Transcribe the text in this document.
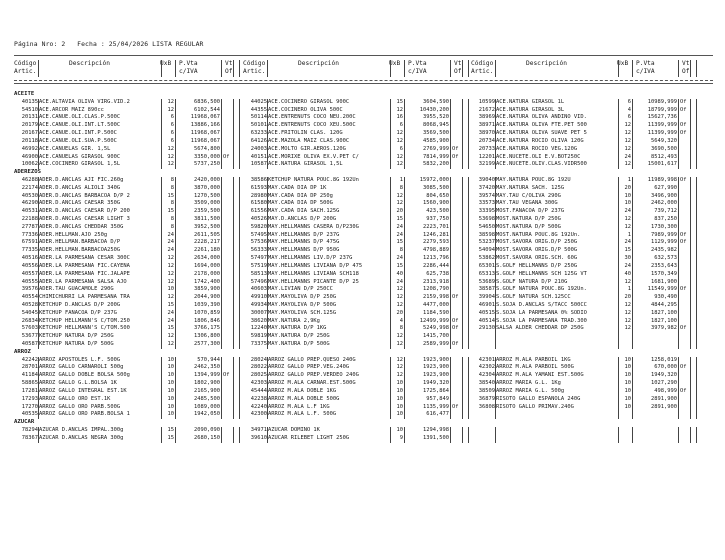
Página Nro: 2   Fecha : 25/04/2026 LISTA REGULAR
Código
Artic.
Descripción	UxB P.Vta
c/IVA
Vt
Of
Código
Artic.
Descripción	UxB P.Vta
c/IVA
Vt
Of
Código
Artic.
Descripción	UxB P.Vta
c/IVA
Vt
Of
ACEITE
40135 ACE.ALTAVIA OLIVA VIRG.VID.2	12	6836,500	44025 ACE.COCINERO GIRASOL 900C	15	3604,590	10599 ACE.NATURA GIRASOL 1L	6	10989,999 Of
54510 ACE.ARCOR MAIZ 890cc	12	6102,544	44355 ACE.COCINERO OLIVA 500C	12	10430,200	21672 ACE.NATURA GIRASOL 3L	4	18799,999 Of
20131 ACE.CAÑUE.OLI.CLAS.P.500C	6	11968,067	50114 ACE.ENTRENUTS COCO NEU.200C	16	3955,520	38969 ACE.NATURA OLIVA ANDINO VID.	6	15627,736
20179 ACE.CAÑUE.OLI.INT.LT.500C	6	13886,166	50101 ACE.ENTRENUTS COCO XEU.500C	6	8068,945	38971 ACE.NATURA OLIVA FTE.PET 500	12	11399,999 Of
20167 ACE.CAÑUE.OLI.INT.P.500C	6	11968,067	63233 ACE.FRITOLIN CLAS. 120G	12	3569,500	38970 ACE.NATURA OLIVA SUAVE PET 5	12	11399,999 Of
20118 ACE.CAÑUE.OLI.SUA.P.500C	6	11968,067	64126 ACE.MAZOLA MAIZ CLAS.900C	12	4585,900	20734 ACE.NATURA ROCIO OLIVA 120G	12	5649,320
46992 ACE.CAÑUELAS GIR. 1,5L	12	5674,800	24003 ACE.MOLTO GIR.AEROS.120G	6	2769,999 Of	20733 ACE.NATURA ROCIO VEG.120G	12	3690,500
46900 ACE.CAÑUELAS GIRASOL 900C	12	3350,000 Of	40151 ACE.MORIXE OLIVA EX.V.PET C/	12	7814,999 Of	12201 ACE.NUCETE.OLI E.V.BOT250C	24	8512,493
10062 ACE.COCINERO GIRASOL 1,5L	12	5737,250	10587 ACE.NATURA GIRASOL 1,5L	12	5832,200	32199 ACE.NUCETE.OLIV.CLAS.VIDR500	12	15001,617
ADEREZOS
46288 ADER.D.ANCLAS AJI FIC.260g	8	2420,000	38586 KETCHUP NATURA POUC.8G 192Un	1	15972,000	39040 MAY.NATURA POUC.8G 192U	1	11989,998 Of
22174 ADER.D.ANCLAS ALIOLI 340G	8	3870,000	61593 MAY.CADA DIA DP 1K	8	3085,500	37420 MAY.NATURA SACH. 125G	20	627,990
40530 ADER.D.ANCLAS BARBACOA D/P 2	15	1270,500	28980 MAY.CADA DIA DP 250g	12	804,650	39574 MAY.TAU C/OLIVA 290G	10	3496,900
46290 ADER.D.ANCLAS CAESAR 350G	8	3509,000	61580 MAY.CADA DIA DP 500G	12	1560,900	33573 MAY.TAU VEGANA 300G	10	2462,000
40531 ADER.D.ANCLAS CAESAR D/P 200	15	2359,500	61556 MAY.CADA DIA SACH.125G	20	423,500	33395 MOST.FANACOA D/P 237G	24	739,712
22188 ADER.D.ANCLAS CAESAR LIGHT 3	8	3811,500	40526 MAY.D.ANCLAS D/P 200G	15	937,750	53698 MOST.NATURA D/P 250G	12	837,250
27787 ADER.D.ANCLAS CHEDDAR 350G	8	3952,500	59820 MAY.HELLMANNS CASERA D/P230G	24	2223,701	54650 MOST.NATURA D/P 500G	12	1730,300
77336 ADER.HELLMAN.AJO 250g	24	2611,505	57495 MAY.HELLMANNS D/P 237G	24	1246,281	38598 MOST.NATURA POUC.8G 192Un.	1	7989,999 Of
67591 ADER.HELLMAN.BARBACOA D/P	24	2228,217	57536 MAY.HELLMANNS D/P 475G	15	2279,593	53237 MOST.SAVORA ORIG.D/P 250G	24	1129,999 Of
77335 ADER.HELLMAN.BARBACOA250G	24	2261,180	56333 MAY.HELLMANNS D/P 950G	8	4798,889	54094 MOST.SAVORA ORIG.D/P 500G	15	2435,982
40516 ADER.LA PARMESANA CESAR 300C	12	2634,000	57497 MAY.HELLMANNS LIV.D/P 237G	24	1213,796	53862 MOST.SAVORA ORIG.SCH. 60G	30	632,573
40556 ADER.LA PARMESANA FIC.CAYENA	12	1694,000	57519 MAY.HELLMANNS LIVIANA D/P 475	15	2286,444	65301 S.GOLF HELLMANNS D/P 250G	24	2353,643
40557 ADER.LA PARMESANA FIC.JALAPE	12	2178,000	58513 MAY.HELLMANNS LIVIANA SCH118	40	625,738	65313 S.GOLF HELLMANNS SCH 125G VT	40	1570,349
40555 ADER.LA PARMESANA SALSA AJO	12	1742,400	57496 MAY.HELLMANNS PICANTE D/P 25	24	2313,918	53689 S.GOLF NATURA D/P 210G	12	1681,900
39576 ADER.TAU GUACAMOLE 290G	10	3859,900	40603 MAY.LIVIAN D/P 250CC	12	1208,790	38587 S.GOLF NATURA POUC.8G 192Un.	1	11549,999 Of
40554 CHIMICHURRI LA PARMESANA TRA	12	2044,900	49910 MAY.MAYOLIVA D/P 250G	12	2159,998 Of	39904 S.GOLF NATURA SCH.125CC	20	930,490
40528 KETCHUP D.ANCLAS D/P 200G	15	1039,390	49934 MAY.MAYOLIVA D/P 500G	12	4477,000	46901 S.SOJA D.ANCLAS S/TACC 500CC	12	4844,295
54045 KETCHUP FANACOA D/P 237G	24	1070,859	30007 MAY.MAYOLIVA SCH.125G	20	1184,590	40515 S.SOJA LA PARMESANA 0% SODIO	12	1827,100
26834 KETCHUP HELLMANN'S C/TOM.250	24	1806,846	38620 MAY.NATURA 2,9Kg	4	12499,999 Of	40514 S.SOJA LA PARMESANA TRAD.300	12	1827,100
57603 KETCHUP HELLMANN'S C/TOM.500	15	3766,175	12240 MAY.NATURA D/P 1KG	8	5249,998 Of	29130 SALSA ALDER CHEDDAR DP 250G	12	3979,982 Of
53677 KETCHUP NATURA D/P 250G	12	1306,800	59819 MAY.NATURA D/P 250G	12	1415,700
40587 KETCHUP NATURA D/P 500G	12	2577,300	73375 MAY.NATURA D/P 500G	12	2589,999 Of
ARROZ
42242 ARROZ APOSTOLES L.F. 500G	10	570,944	28024 ARROZ GALLO PREP.QUESO 240G	12	1923,900	42301 ARROZ M.ALA PARBOIL 1KG	10	1258,019
28701 ARROZ GALLO CARNAROLI 500g	10	2462,350	28022 ARROZ GALLO PREP.VEG.240G	12	1923,900	42302 ARROZ M.ALA PARBOIL 500G	10	670,000 Of
41184 ARROZ GALLO DOBLE BOLSA 500g	10	1394,999 Of	28025 ARROZ GALLO PREP.VERDEO 240G	12	1923,900	42304 ARROZ M.ALA YAMANI EST.500G	10	1949,320
58865 ARROZ GALLO G.L.BOLSA 1K	10	1802,900	42303 ARROZ M.ALA CARNAR.EST.500G	10	1949,320	38540 ARROZ MARIA G.L. 1Kg	10	1027,290
17281 ARROZ GALLO INTEGRAL EST.1K	10	2165,900	45444 ARROZ M.ALA DOBLE 1KG	10	1725,864	38509 ARROZ MARIA G.L. 500g	10	498,999 Of
17293 ARROZ GALLO ORO EST.1K	10	2485,500	42238 ARROZ M.ALA DOBLE 500G	10	957,849	36879 RISOTO GALLO ESPAÑOLA 240G	10	2891,900
17270 ARROZ GALLO ORO PARB.500G	10	1089,000	42240 ARROZ M.ALA L.F 1KG	10	1135,999 Of	36808 RISOTO GALLO PRIMAV.240G	10	2891,900
40535 ARROZ GALLO ORO PARB.BOLSA 1	10	1942,050	42300 ARROZ M.ALA L.F. 500G	10	616,477
AZUCAR
78294 AZUCAR D.ANCLAS IMPAL.300g	15	2090,090	34971 AZUCAR DOMINO 1K	10	1294,998
78367 AZUCAR D.ANCLAS NEGRA 300g	15	2680,150	39610 AZUCAR RILEBET LIGHT 250G	9	1391,500
